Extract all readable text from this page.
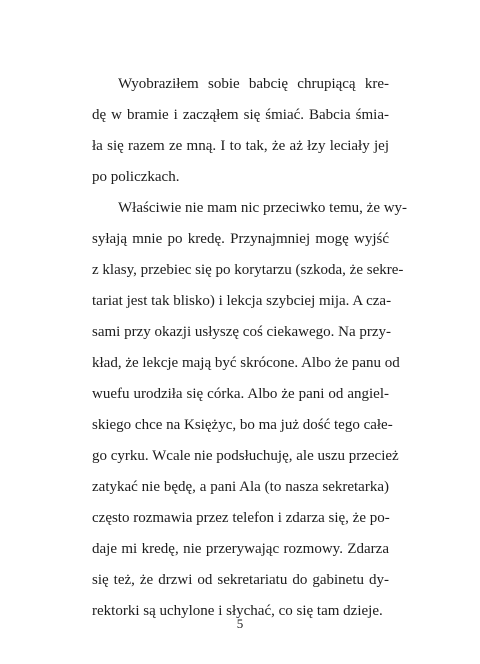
Wyobraziłem sobie babcię chrupiącą kre-
dę w bramie i zacząłem się śmiać. Babcia śmia-
ła się razem ze mną. I to tak, że aż łzy leciały jej
po policzkach.
Właściwie nie mam nic przeciwko temu, że wy-
syłają mnie po kredę. Przynajmniej mogę wyjść
z klasy, przebiec się po korytarzu (szkoda, że sekre-
tariat jest tak blisko) i lekcja szybciej mija. A cza-
sami przy okazji usłyszę coś ciekawego. Na przy-
kład, że lekcje mają być skrócone. Albo że panu od
wuefu urodziła się córka. Albo że pani od angiel-
skiego chce na Księżyc, bo ma już dość tego całe-
go cyrku. Wcale nie podsłuchuję, ale uszu przecież
zatykać nie będę, a pani Ala (to nasza sekretarka)
często rozmawia przez telefon i zdarza się, że po-
daje mi kredę, nie przerywając rozmowy. Zdarza
się też, że drzwi od sekretariatu do gabinetu dy-
rektorki są uchylone i słychać, co się tam dzieje.
5
